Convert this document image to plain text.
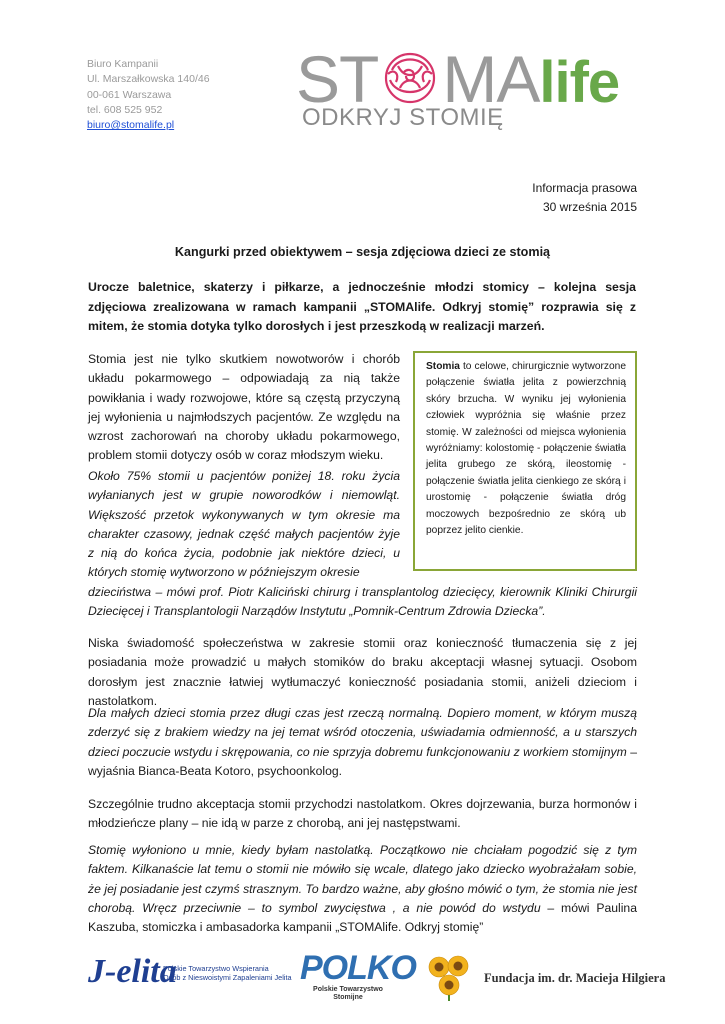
Biuro Kampanii
Ul. Marszałkowska 140/46
00-061 Warszawa
tel. 608 525 952
biuro@stomalife.pl
ST MAlife
ODKRYJ STOMIĘ
Informacja prasowa
30 września 2015
Kangurki przed obiektywem – sesja zdjęciowa dzieci ze stomią
Urocze baletnice, skaterzy i piłkarze, a jednocześnie młodzi stomicy – kolejna sesja zdjęciowa zrealizowana w ramach kampanii „STOMAlife. Odkryj stomię” rozprawia się z mitem, że stomia dotyka tylko dorosłych i jest przeszkodą w realizacji marzeń.
Stomia jest nie tylko skutkiem nowotworów i chorób układu pokarmowego – odpowiadają za nią także powikłania i wady rozwojowe, które są częstą przyczyną jej wyłonienia u najmłodszych pacjentów. Ze względu na wzrost zachorowań na choroby układu pokarmowego, problem stomii dotyczy osób w coraz młodszym wieku.
Około 75% stomii u pacjentów poniżej 18. roku życia wyłanianych jest w grupie noworodków i niemowląt. Większość przetok wykonywanych w tym okresie ma charakter czasowy, jednak część małych pacjentów żyje z nią do końca życia, podobnie jak niektóre dzieci, u których stomię wytworzono w późniejszym okresie
Stomia to celowe, chirurgicznie wytworzone połączenie światła jelita z powierzchnią skóry brzucha. W wyniku jej wyłonienia człowiek wypróżnia się właśnie przez stomię. W zależności od miejsca wyłonienia wyróżniamy: kolostomię - połączenie światła jelita grubego ze skórą, ileostomię - połączenie światła jelita cienkiego ze skórą i urostomię - połączenie światła dróg moczowych bezpośrednio ze skórą ub poprzez jelito cienkie.
dzieciństwa – mówi prof. Piotr Kaliciński chirurg i transplantolog dziecięcy, kierownik Kliniki Chirurgii Dziecięcej i Transplantologii Narządów Instytutu „Pomnik-Centrum Zdrowia Dziecka”.
Niska świadomość społeczeństwa w zakresie stomii oraz konieczność tłumaczenia się z jej posiadania może prowadzić u małych stomików do braku akceptacji własnej sytuacji. Osobom dorosłym jest znacznie łatwiej wytłumaczyć konieczność posiadania stomii, aniżeli dzieciom i nastolatkom.
Dla małych dzieci stomia przez długi czas jest rzeczą normalną. Dopiero moment, w którym muszą zderzyć się z brakiem wiedzy na jej temat wśród otoczenia, uświadamia odmienność, a u starszych dzieci poczucie wstydu i skrępowania, co nie sprzyja dobremu funkcjonowaniu z workiem stomijnym – wyjaśnia Bianca-Beata Kotoro, psychoonkolog.
Szczególnie trudno akceptacja stomii przychodzi nastolatkom. Okres dojrzewania, burza hormonów i młodzieńcze plany – nie idą w parze z chorobą, ani jej następstwami.
Stomię wyłoniono u mnie, kiedy byłam nastolatką. Początkowo nie chciałam pogodzić się z tym faktem. Kilkanaście lat temu o stomii nie mówiło się wcale, dlatego jako dziecko wyobrażałam sobie, że jej posiadanie jest czymś strasznym. To bardzo ważne, aby głośno mówić o tym, że stomia nie jest chorobą. Wręcz przeciwnie – to symbol zwycięstwa , a nie powód do wstydu – mówi Paulina Kaszuba, stomiczka i ambasadorka kampanii „STOMAlife. Odkryj stomię”
J-elita
Polskie Towarzystwo Wspierania
Osób z Nieswoistymi Zapaleniami Jelita POLKO
Polskie Towarzystwo
Stomijne
Fundacja im. dr. Macieja Hilgiera
